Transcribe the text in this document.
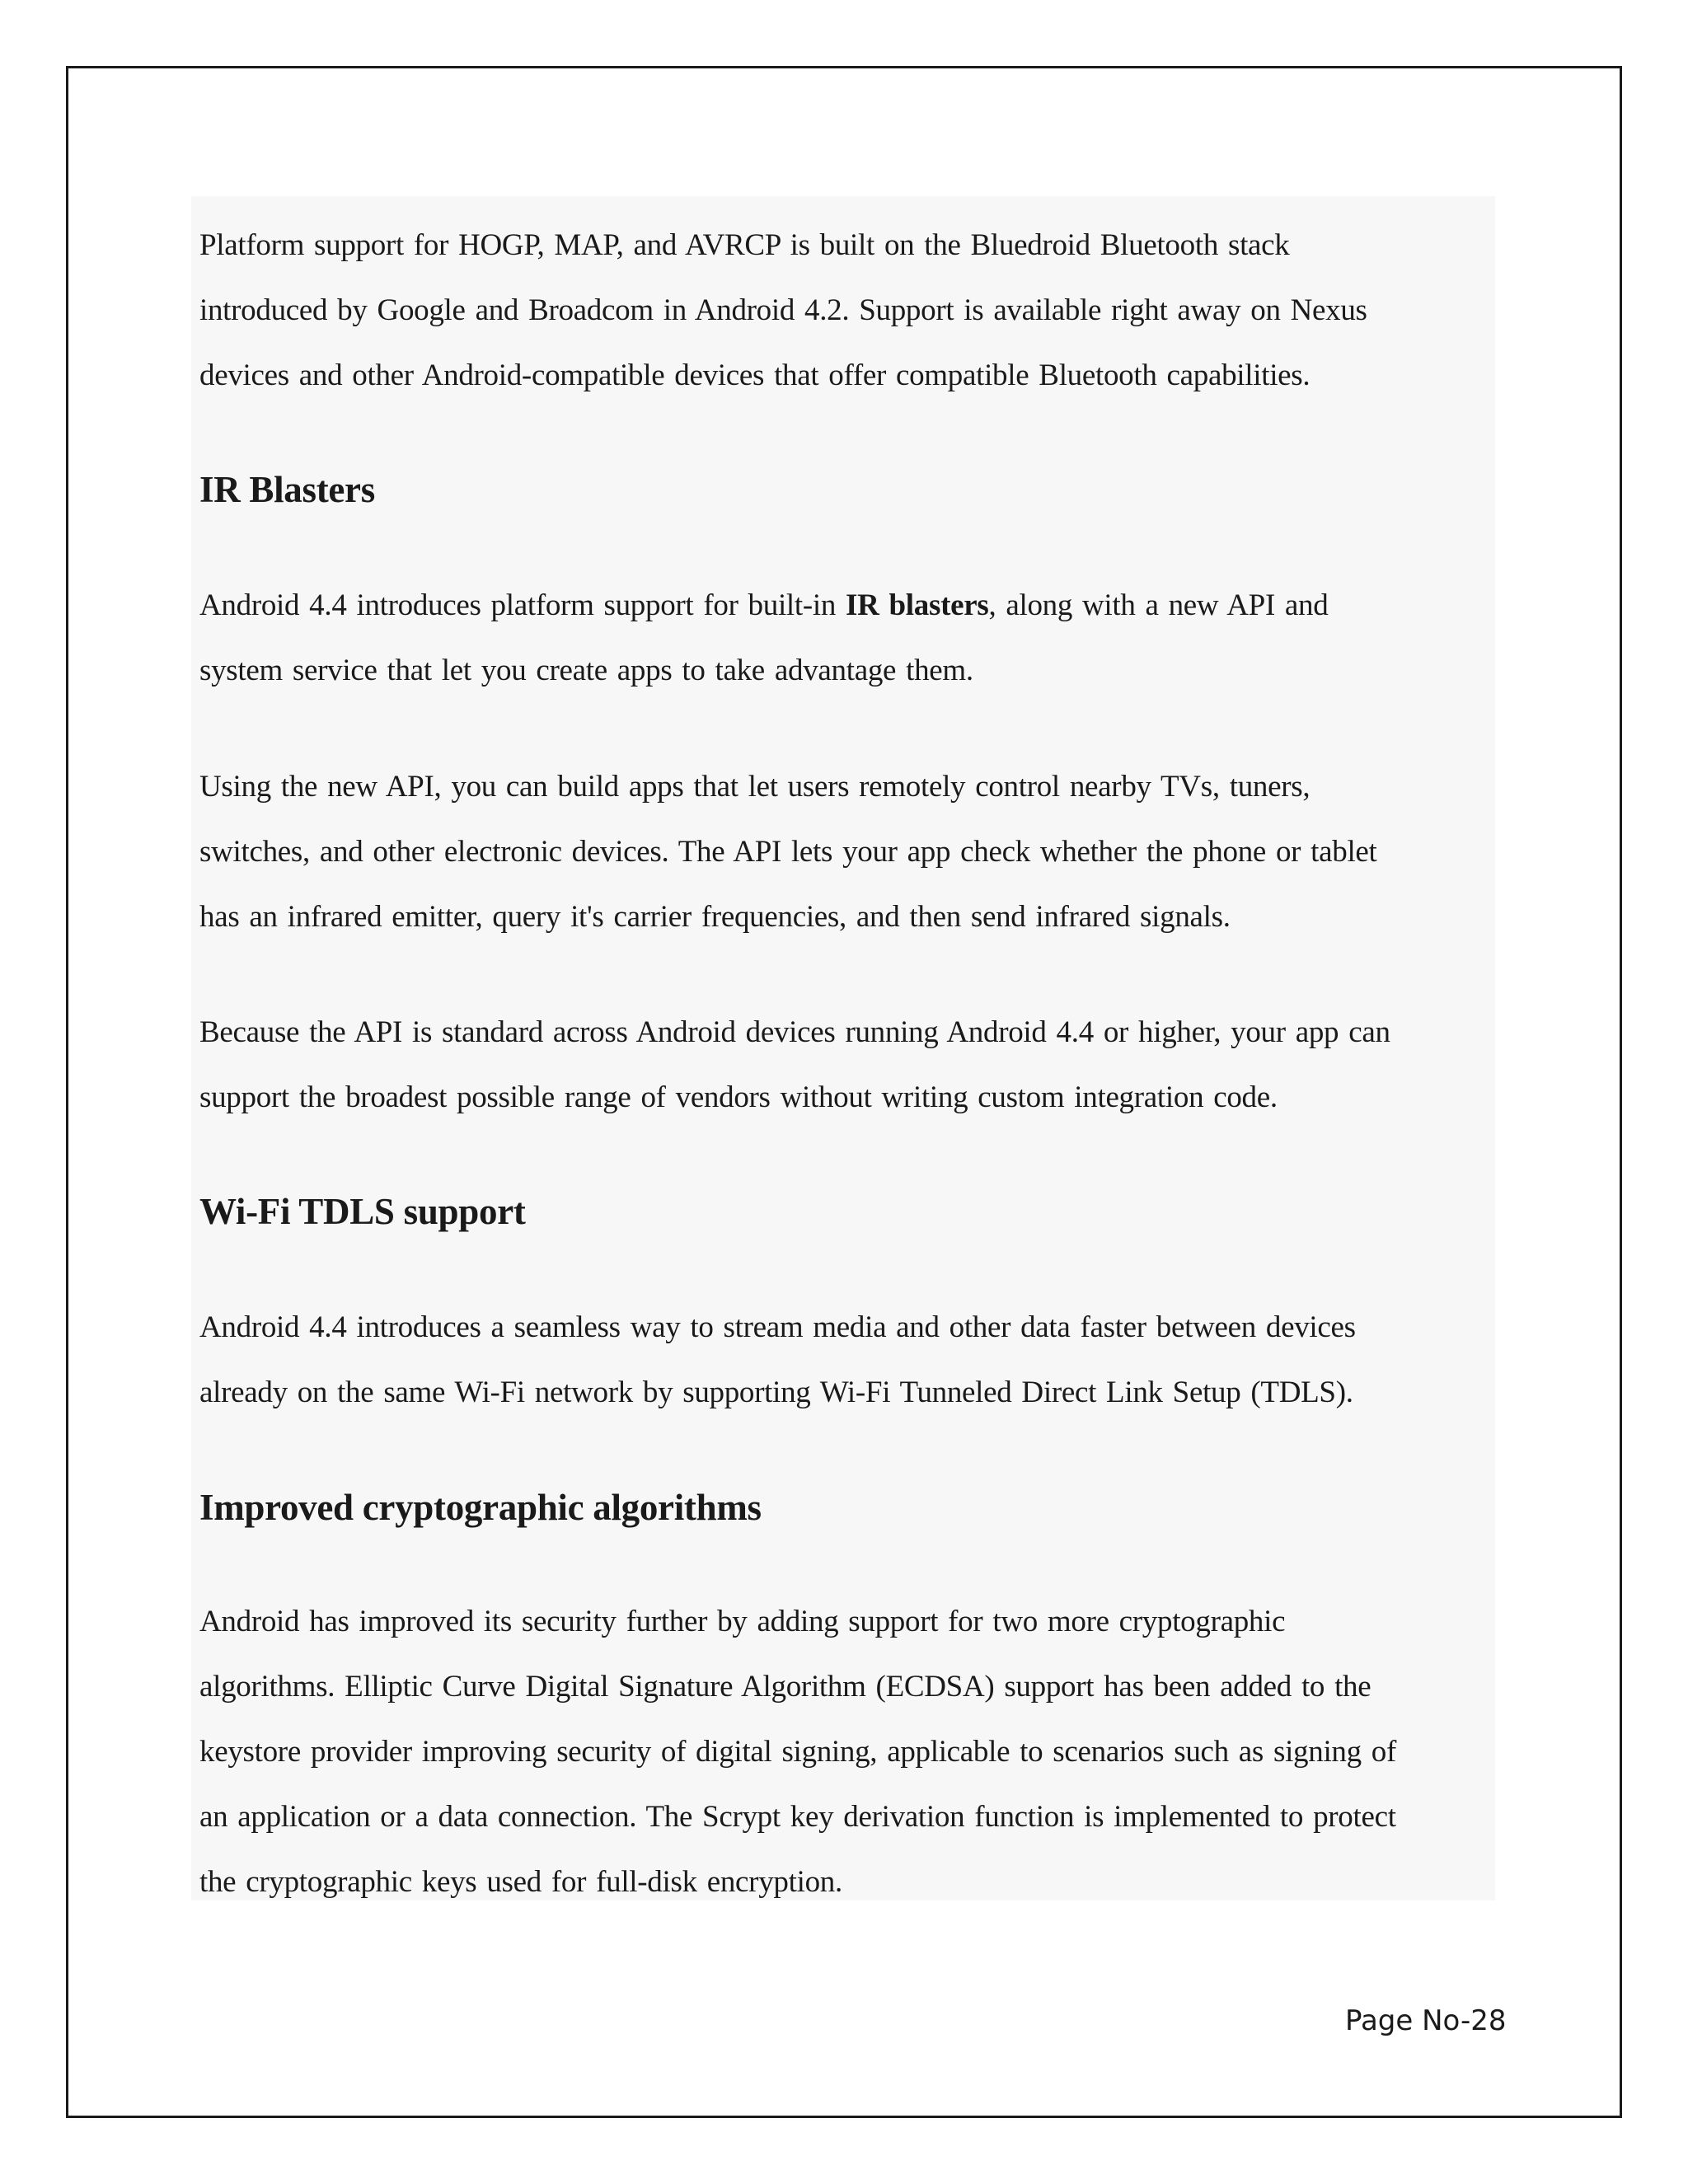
Platform support for HOGP, MAP, and AVRCP is built on the Bluedroid Bluetooth stack
introduced by Google and Broadcom in Android 4.2. Support is available right away on Nexus
devices and other Android-compatible devices that offer compatible Bluetooth capabilities.

IR Blasters

Android 4.4 introduces platform support for built-in IR blasters, along with a new API and
system service that let you create apps to take advantage them.

Using the new API, you can build apps that let users remotely control nearby TVs, tuners,
switches, and other electronic devices. The API lets your app check whether the phone or tablet
has an infrared emitter, query it's carrier frequencies, and then send infrared signals.

Because the API is standard across Android devices running Android 4.4 or higher, your app can
support the broadest possible range of vendors without writing custom integration code.

Wi-Fi TDLS support

Android 4.4 introduces a seamless way to stream media and other data faster between devices
already on the same Wi-Fi network by supporting Wi-Fi Tunneled Direct Link Setup (TDLS).

Improved cryptographic algorithms

Android has improved its security further by adding support for two more cryptographic
algorithms. Elliptic Curve Digital Signature Algorithm (ECDSA) support has been added to the
keystore provider improving security of digital signing, applicable to scenarios such as signing of
an application or a data connection. The Scrypt key derivation function is implemented to protect
the cryptographic keys used for full-disk encryption.

Page No-28
